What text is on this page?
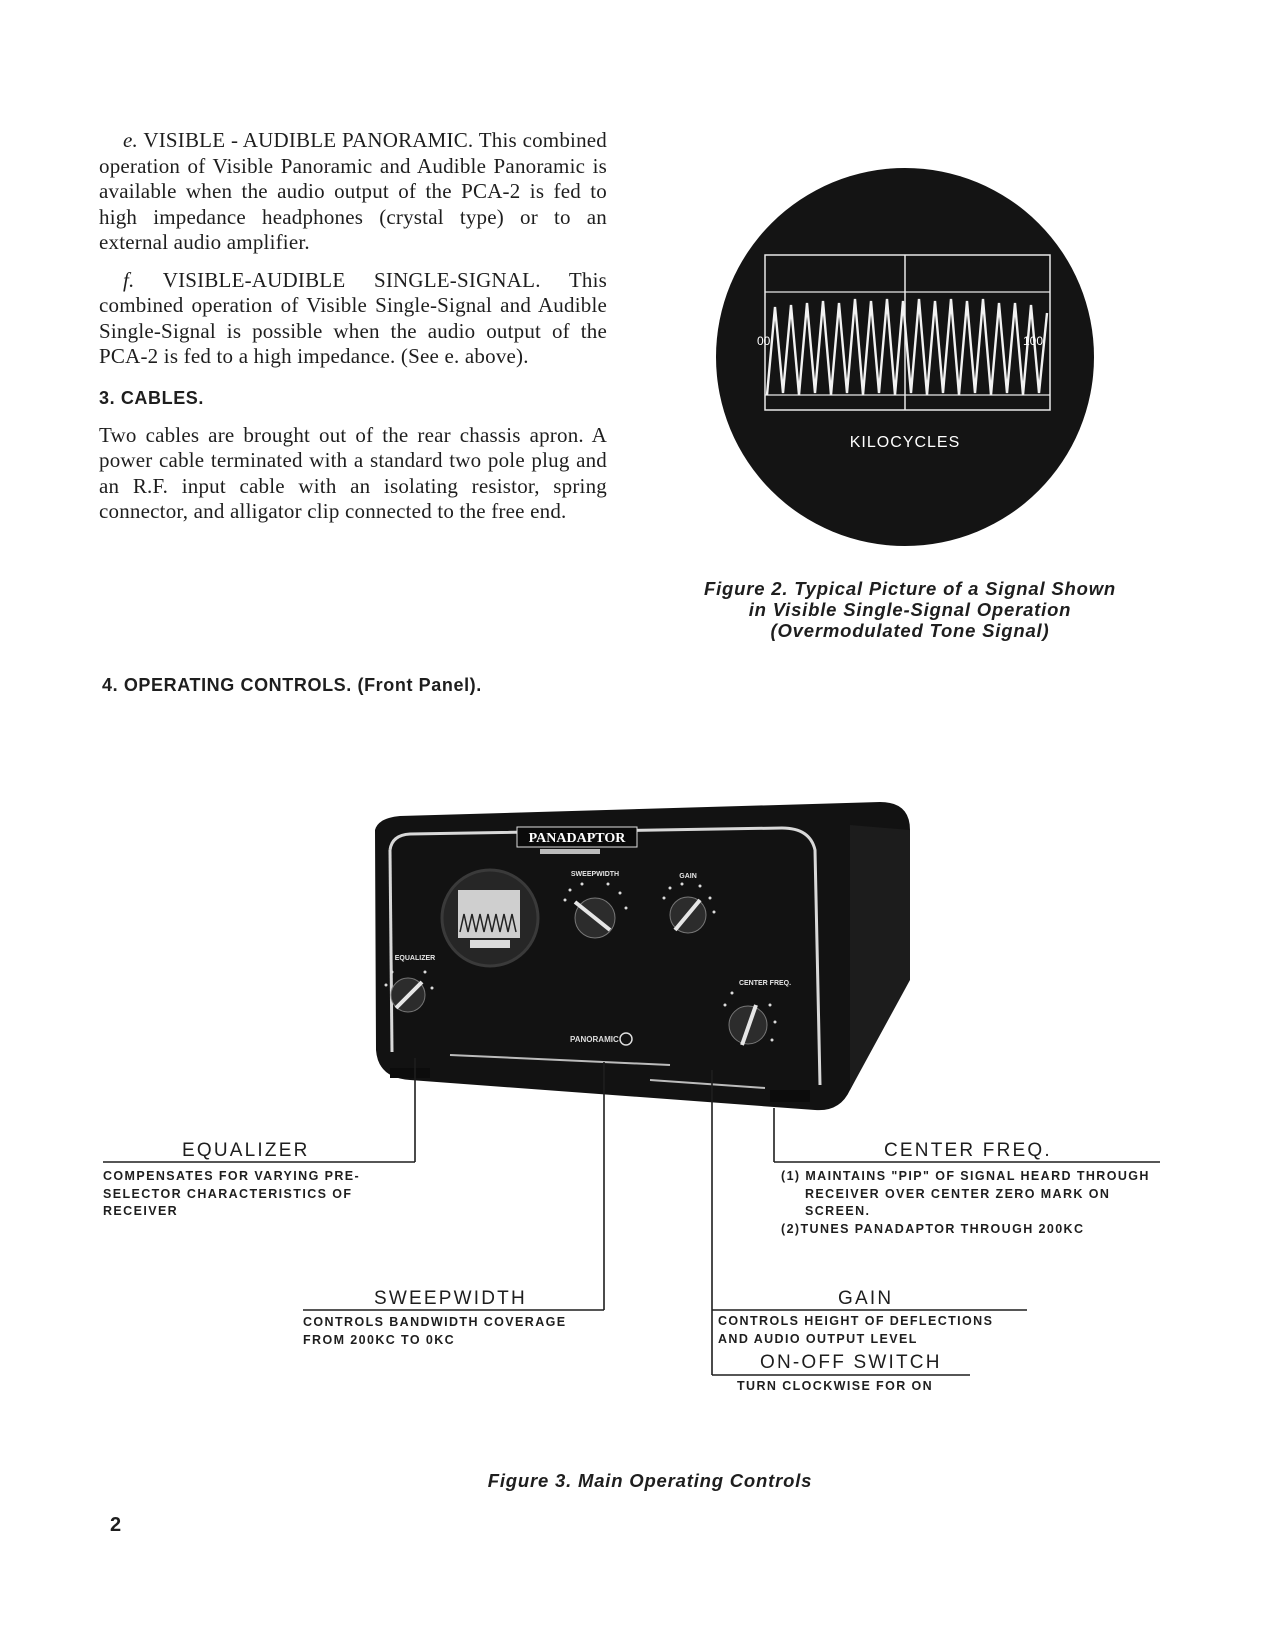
e. VISIBLE - AUDIBLE PANORAMIC. This combined operation of Visible Panoramic and Audible Panoramic is available when the audio output of the PCA-2 is fed to high impedance headphones (crystal type) or to an external audio amplifier.

f. VISIBLE-AUDIBLE SINGLE-SIGNAL. This combined operation of Visible Single-Signal and Audible Single-Signal is possible when the audio output of the PCA-2 is fed to a high impedance. (See e. above).

3. CABLES.

Two cables are brought out of the rear chassis apron. A power cable terminated with a standard two pole plug and an R.F. input cable with an isolating resistor, spring connector, and alligator clip connected to the free end.

00	100
KILOCYCLES
Figure 2. Typical Picture of a Signal Shown
in Visible Single-Signal Operation
(Overmodulated Tone Signal)
4. OPERATING CONTROLS. (Front Panel).
PANADAPTOR
SWEEPWIDTH	GAIN
EQUALIZER
CENTER FREQ.
PANORAMIC
EQUALIZER
COMPENSATES FOR VARYING PRE-
SELECTOR CHARACTERISTICS OF
RECEIVER
CENTER FREQ.
(1) MAINTAINS "PIP" OF SIGNAL HEARD THROUGH
RECEIVER OVER CENTER ZERO MARK ON
SCREEN.
(2)TUNES PANADAPTOR THROUGH 200KC
SWEEPWIDTH
CONTROLS BANDWIDTH COVERAGE
FROM 200KC TO 0KC
GAIN
CONTROLS HEIGHT OF DEFLECTIONS
AND AUDIO OUTPUT LEVEL
ON-OFF SWITCH
TURN CLOCKWISE FOR ON
Figure 3. Main Operating Controls
2
